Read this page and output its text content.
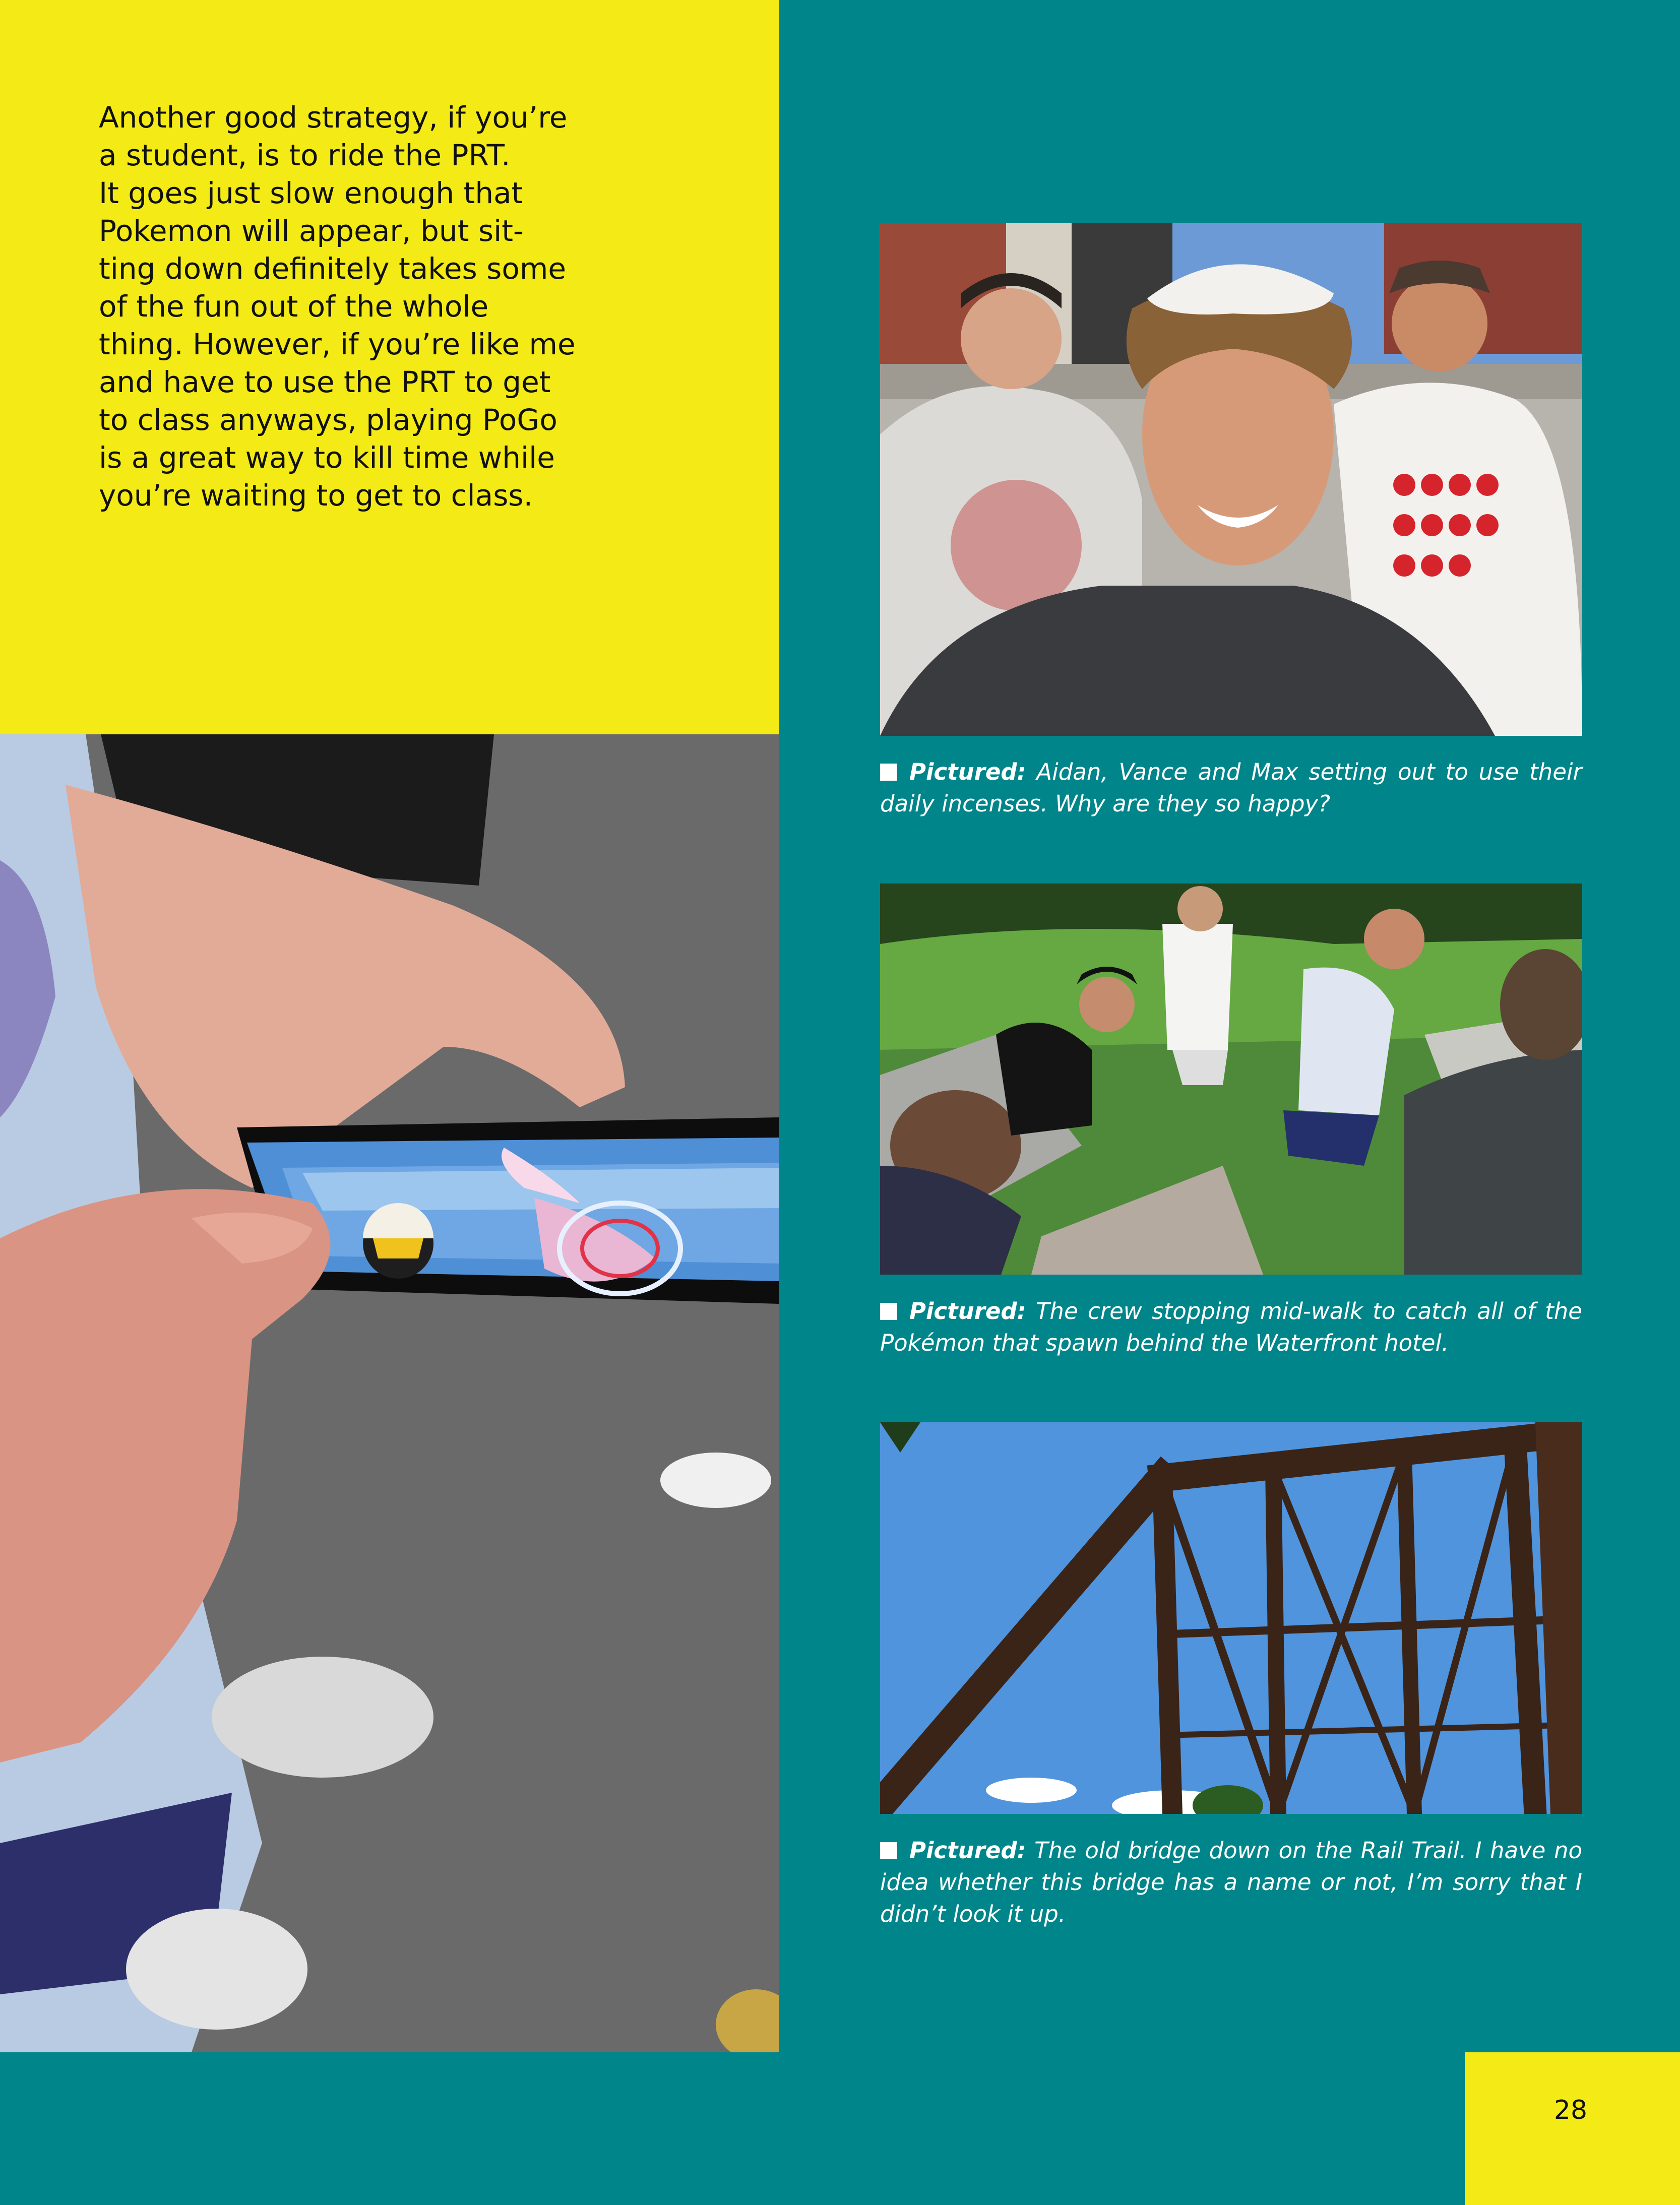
Another good strategy, if you’re
a student, is to ride the PRT.
It goes just slow enough that
Pokemon will appear, but sit-
ting down definitely takes some
of the fun out of the whole
thing. However, if you’re like me
and have to use the PRT to get
to class anyways, playing PoGo
is a great way to kill time while
you’re waiting to get to class.
Pictured: Aidan, Vance and Max setting out to use their daily incenses. Why are they so happy?
Pictured: The crew stopping mid-walk to catch all of the Pokémon that spawn behind the Waterfront hotel.
Pictured: The old bridge down on the Rail Trail. I have no idea whether this bridge has a name or not, I’m sorry that I didn’t look it up.
28
